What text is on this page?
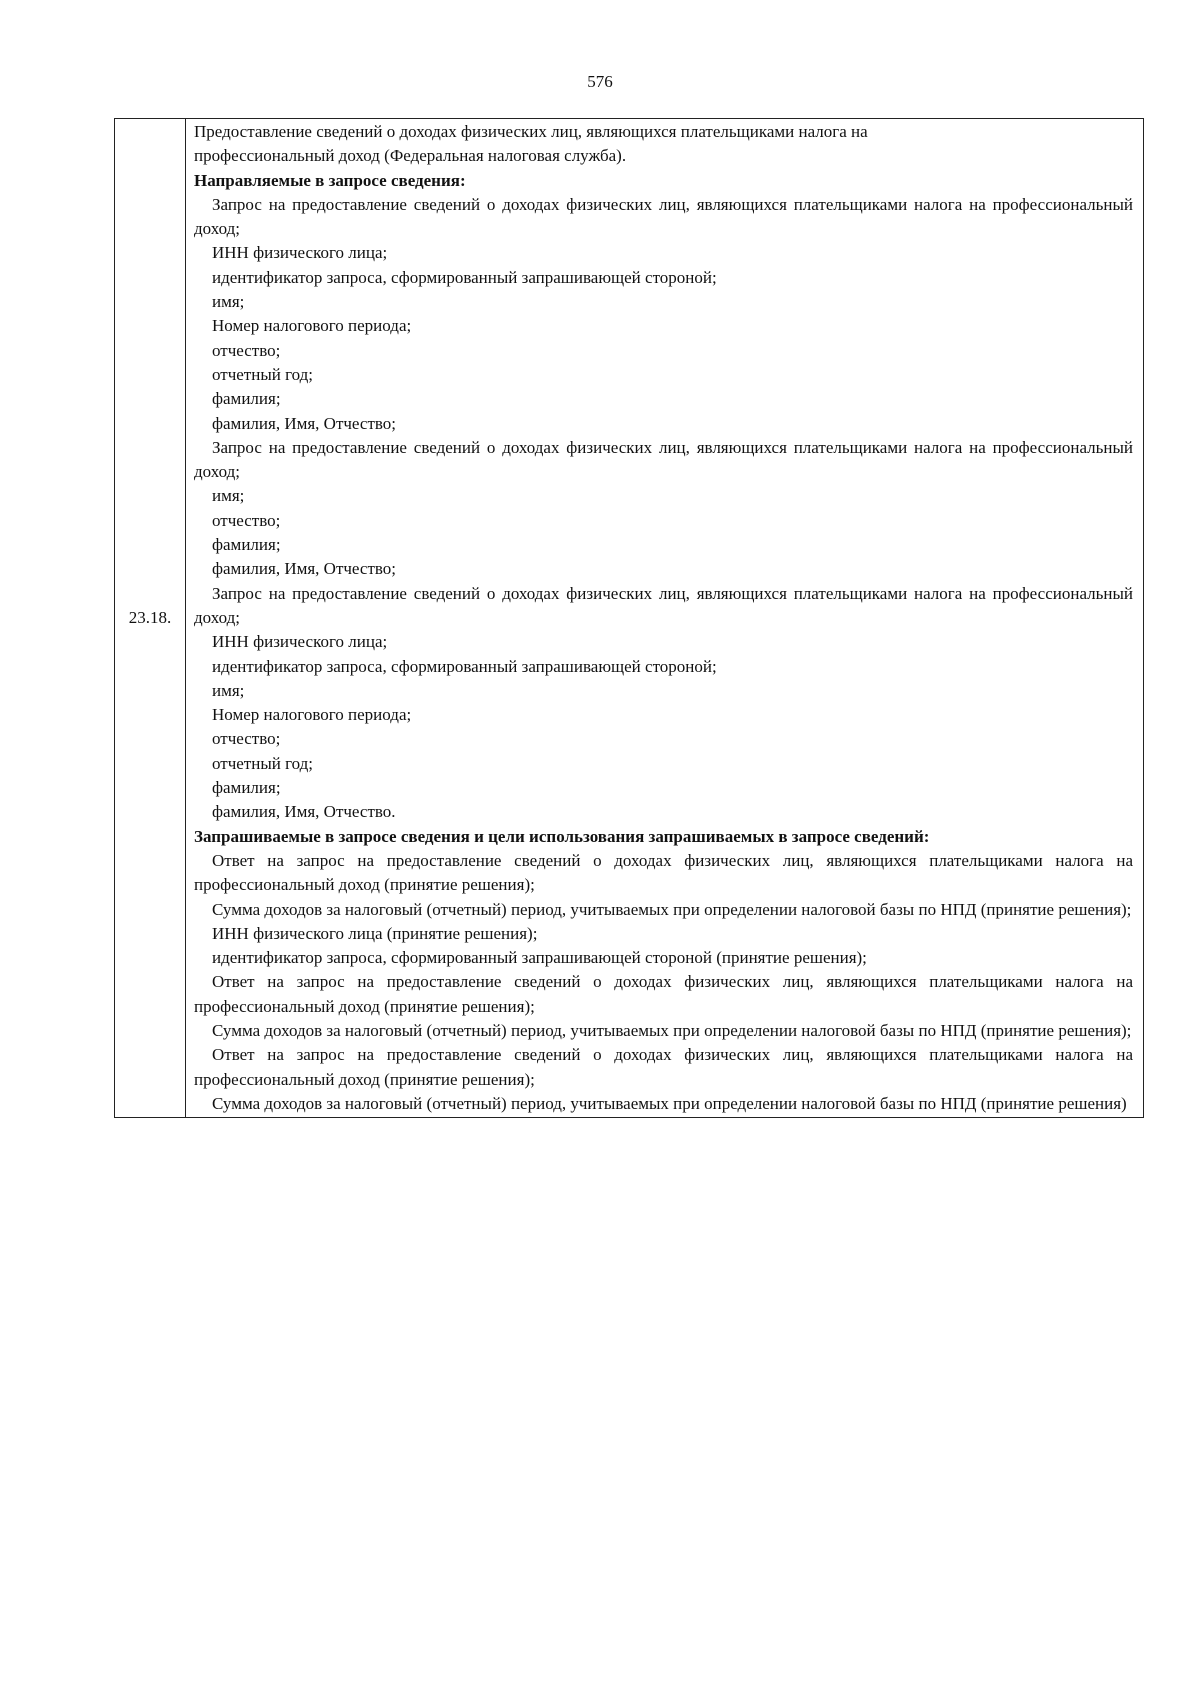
576
23.18.	
Предоставление сведений о доходах физических лиц, являющихся плательщиками налога на
профессиональный доход (Федеральная налоговая служба).
Направляемые в запросе сведения:
Запрос на предоставление сведений о доходах физических лиц, являющихся плательщиками налога на профессиональный доход;
ИНН физического лица;
идентификатор запроса, сформированный запрашивающей стороной;
имя;
Номер налогового периода;
отчество;
отчетный год;
фамилия;
фамилия, Имя, Отчество;
Запрос на предоставление сведений о доходах физических лиц, являющихся плательщиками налога на профессиональный доход;
имя;
отчество;
фамилия;
фамилия, Имя, Отчество;
Запрос на предоставление сведений о доходах физических лиц, являющихся плательщиками налога на профессиональный доход;
ИНН физического лица;
идентификатор запроса, сформированный запрашивающей стороной;
имя;
Номер налогового периода;
отчество;
отчетный год;
фамилия;
фамилия, Имя, Отчество.
Запрашиваемые в запросе сведения и цели использования запрашиваемых в запросе сведений:
Ответ на запрос на предоставление сведений о доходах физических лиц, являющихся плательщиками налога на профессиональный доход (принятие решения);
Сумма доходов за налоговый (отчетный) период, учитываемых при определении налоговой базы по НПД (принятие решения);
ИНН физического лица (принятие решения);
идентификатор запроса, сформированный запрашивающей стороной (принятие решения);
Ответ на запрос на предоставление сведений о доходах физических лиц, являющихся плательщиками налога на профессиональный доход (принятие решения);
Сумма доходов за налоговый (отчетный) период, учитываемых при определении налоговой базы по НПД (принятие решения);
Ответ на запрос на предоставление сведений о доходах физических лиц, являющихся плательщиками налога на профессиональный доход (принятие решения);
Сумма доходов за налоговый (отчетный) период, учитываемых при определении налоговой базы по НПД (принятие решения)
